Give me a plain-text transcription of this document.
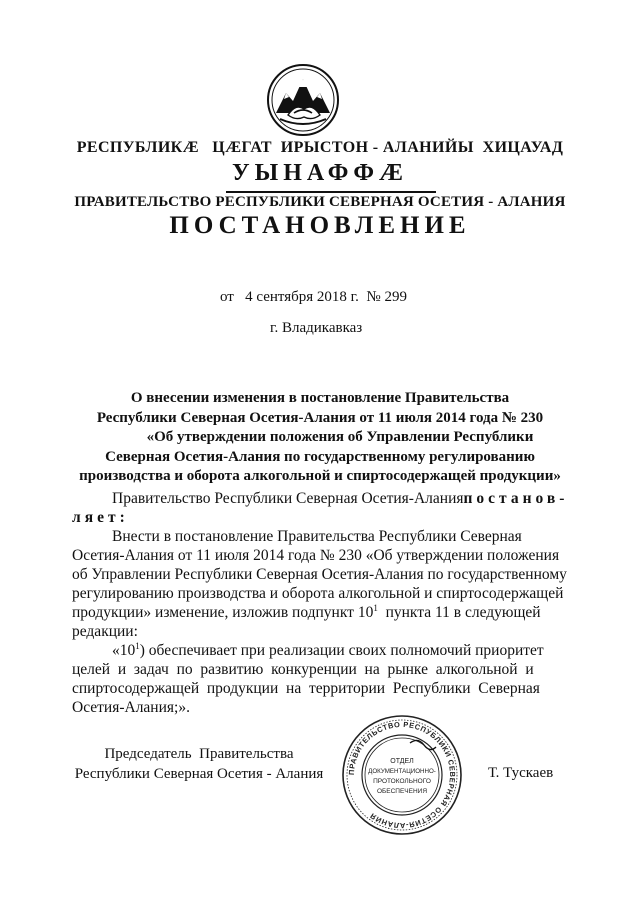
РЕСПУБЛИКӔ   ЦӔГАТ  ИРЫСТОН - АЛАНИЙЫ  ХИЦАУАД
УЫНАФФӔ
ПРАВИТЕЛЬСТВО РЕСПУБЛИКИ СЕВЕРНАЯ ОСЕТИЯ - АЛАНИЯ
ПОСТАНОВЛЕНИЕ
от 4 сентября 2018 г. № 299
г. Владикавказ
О внесении изменения в постановление Правительства
Республики Северная Осетия-Алания от 11 июля 2014 года № 230
«Об утверждении положения об Управлении Республики
Северная Осетия-Алания по государственному регулированию
производства и оборота алкогольной и спиртосодержащей продукции»
Правительство Республики Северная Осетия-Алания постанов-
ляет:
Внести в постановление Правительства Республики Северная
Осетия-Алания от 11 июля 2014 года № 230 «Об утверждении положения
об Управлении Республики Северная Осетия-Алания по государственному
регулированию производства и оборота алкогольной и спиртосодержащей
продукции» изменение, изложив подпункт $10^1$  пункта 11 в следующей
редакции:
«$10^1$) обеспечивает при реализации своих полномочий приоритет
целей  и  задач  по  развитию  конкуренции  на  рынке  алкогольной  и
спиртосодержащей  продукции  на  территории  Республики  Северная
Осетия-Алания;».
Председатель  Правительства
Республики Северная Осетия - Алания	ПРАВИТЕЛЬСТВО РЕСПУБЛИКИ СЕВЕРНАЯ ОСЕТИЯ-АЛАНИЯ
ОТДЕЛ
ДОКУМЕНТАЦИОННО-
ПРОТОКОЛЬНОГО
ОБЕСПЕЧЕНИЯ
Т. Тускаев
